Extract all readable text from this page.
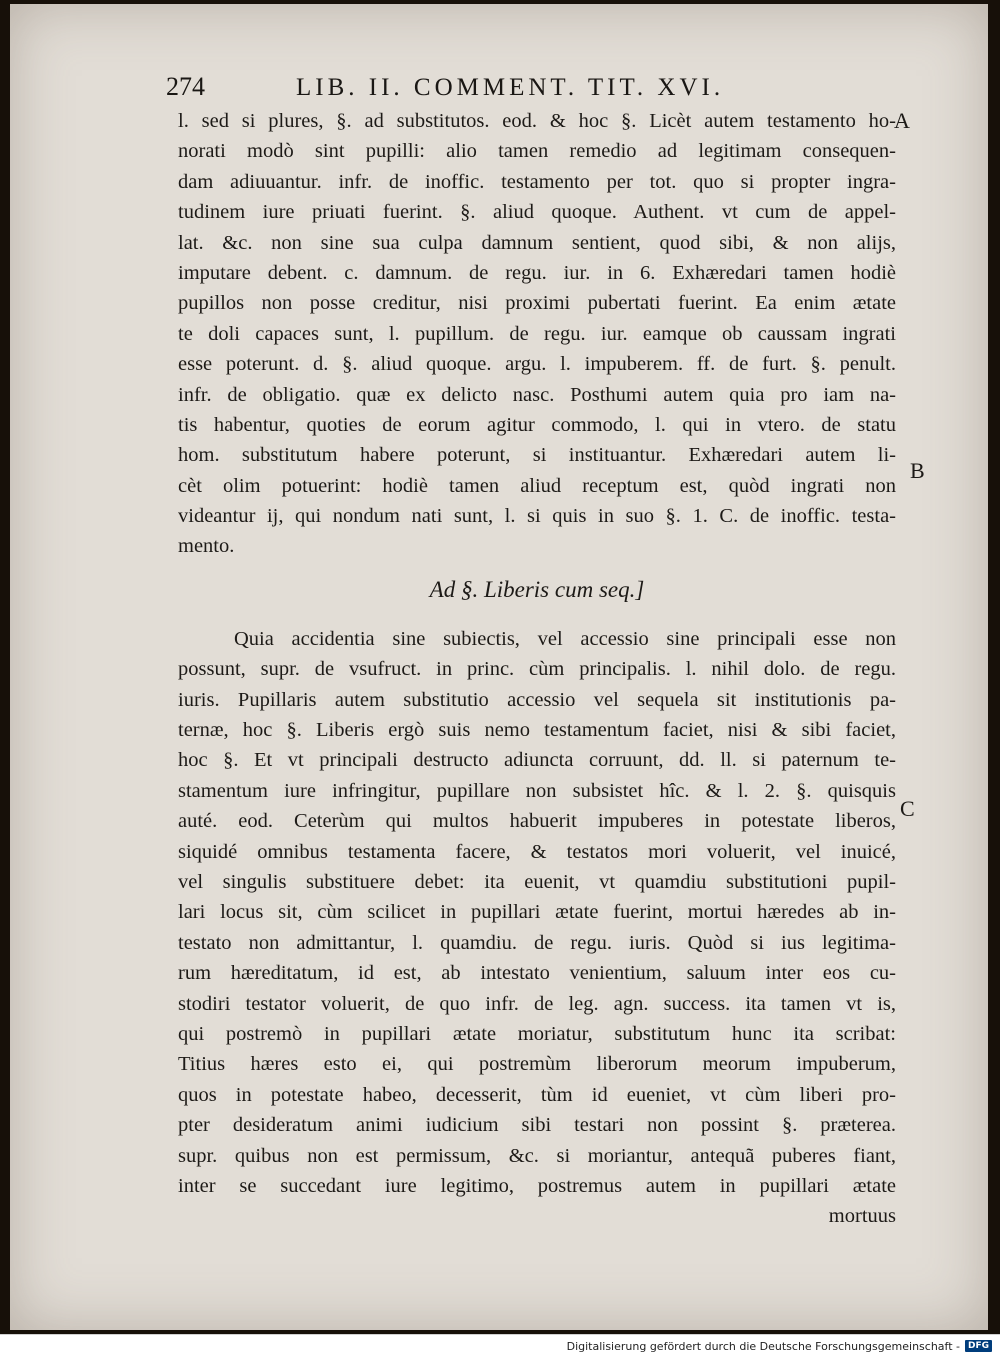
274	LIB. II. COMMENT. TIT. XVI.
A
B
C
l. sed si plures, §. ad substitutos. eod. & hoc §. Licèt autem testamento ho-
norati modò sint pupilli: alio tamen remedio ad legitimam consequen-
dam adiuuantur. infr. de inoffic. testamento per tot. quo si propter ingra-
tudinem iure priuati fuerint. §. aliud quoque. Authent. vt cum de appel-
lat. &c. non sine sua culpa damnum sentient, quod sibi, & non alijs,
imputare debent. c. damnum. de regu. iur. in 6. Exhæredari tamen hodiè
pupillos non posse creditur, nisi proximi pubertati fuerint. Ea enim ætate
te doli capaces sunt, l. pupillum. de regu. iur. eamque ob caussam ingrati
esse poterunt. d. §. aliud quoque. argu. l. impuberem. ff. de furt. §. penult.
infr. de obligatio. quæ ex delicto nasc. Posthumi autem quia pro iam na-
tis habentur, quoties de eorum agitur commodo, l. qui in vtero. de statu
hom. substitutum habere poterunt, si instituantur. Exhæredari autem li-
cèt olim potuerint: hodiè tamen aliud receptum est, quòd ingrati non
videantur ij, qui nondum nati sunt, l. si quis in suo §. 1. C. de inoffic. testa-
mento.
Ad §. Liberis cum seq.]
Quia accidentia sine subiectis, vel accessio sine principali esse non
possunt, supr. de vsufruct. in princ. cùm principalis. l. nihil dolo. de regu.
iuris. Pupillaris autem substitutio accessio vel sequela sit institutionis pa-
ternæ, hoc §. Liberis ergò suis nemo testamentum faciet, nisi & sibi faciet,
hoc §. Et vt principali destructo adiuncta corruunt, dd. ll. si paternum te-
stamentum iure infringitur, pupillare non subsistet hîc. & l. 2. §. quisquis
auté. eod. Ceterùm qui multos habuerit impuberes in potestate liberos,
siquidé omnibus testamenta facere, & testatos mori voluerit, vel inuicé,
vel singulis substituere debet: ita euenit, vt quamdiu substitutioni pupil-
lari locus sit, cùm scilicet in pupillari ætate fuerint, mortui hæredes ab in-
testato non admittantur, l. quamdiu. de regu. iuris. Quòd si ius legitima-
rum hæreditatum, id est, ab intestato venientium, saluum inter eos cu-
stodiri testator voluerit, de quo infr. de leg. agn. success. ita tamen vt is,
qui postremò in pupillari ætate moriatur, substitutum hunc ita scribat:
Titius hæres esto ei, qui postremùm liberorum meorum impuberum,
quos in potestate habeo, decesserit, tùm id eueniet, vt cùm liberi pro-
pter desideratum animi iudicium sibi testari non possint §. præterea.
supr. quibus non est permissum, &c. si moriantur, antequã puberes fiant,
inter se succedant iure legitimo, postremus autem in pupillari ætate
mortuus
Digitalisierung gefördert durch die Deutsche Forschungsgemeinschaft - DFG
